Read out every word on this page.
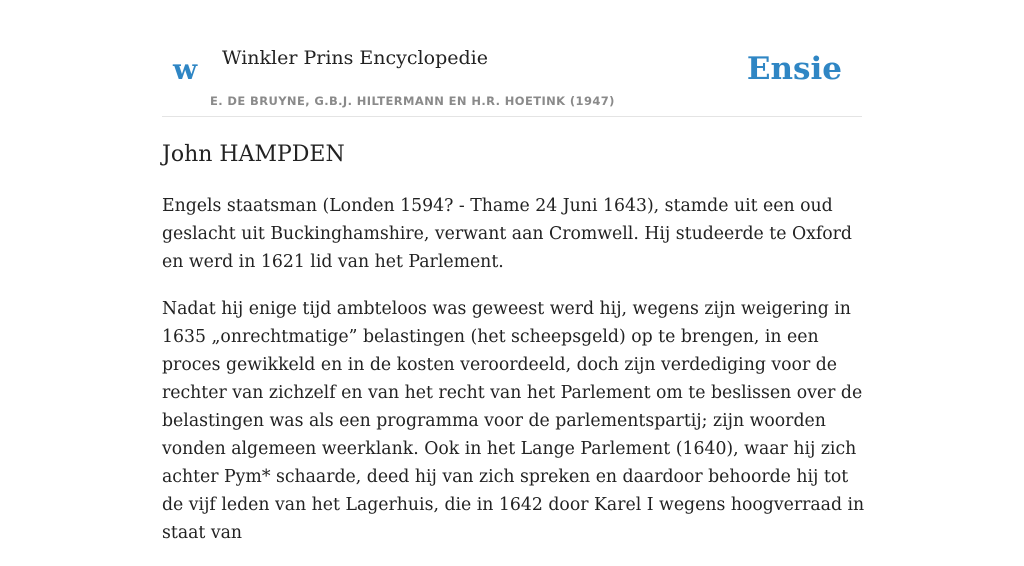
w Winkler Prins Encyclopedie
E. DE BRUYNE, G.B.J. HILTERMANN EN H.R. HOETINK (1947)
Ensie
John HAMPDEN

Engels staatsman (Londen 1594? - Thame 24 Juni 1643), stamde uit een oud geslacht uit Buckinghamshire, verwant aan Cromwell. Hij studeerde te Oxford en werd in 1621 lid van het Parlement.

Nadat hij enige tijd ambteloos was geweest werd hij, wegens zijn weigering in 1635 „onrechtmatige” belastingen (het scheepsgeld) op te brengen, in een proces gewikkeld en in de kosten veroordeeld, doch zijn verdediging voor de rechter van zichzelf en van het recht van het Parlement om te beslissen over de belastingen was als een programma voor de parlementspartij; zijn woorden vonden algemeen weerklank. Ook in het Lange Parlement (1640), waar hij zich achter Pym* schaarde, deed hij van zich spreken en daardoor behoorde hij tot de vijf leden van het Lagerhuis, die in 1642 door Karel I wegens hoogverraad in staat van
